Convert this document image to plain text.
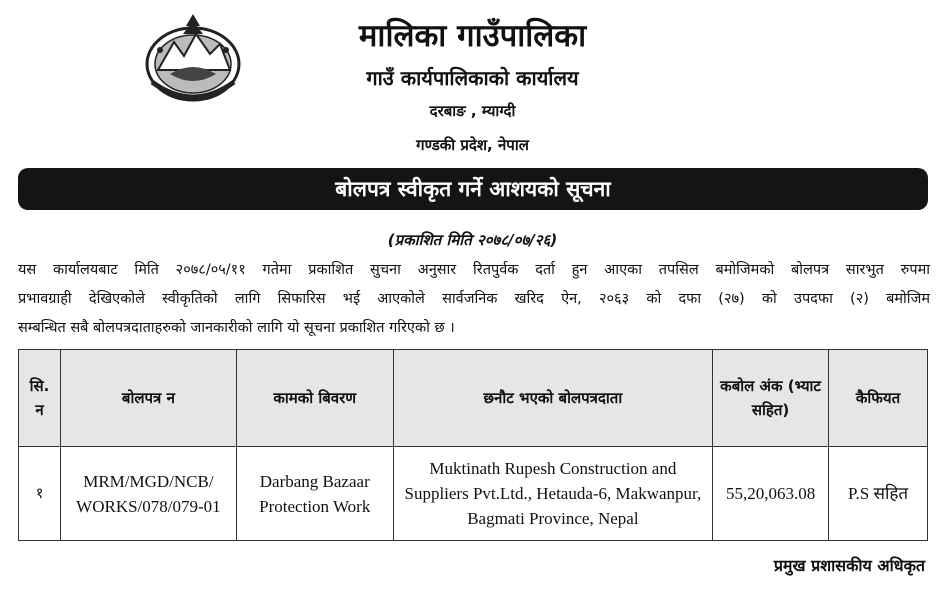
मालिका गाउँपालिका
गाउँ कार्यपालिकाको कार्यालय
दरबाङ , म्याग्दी
गण्डकी प्रदेश, नेपाल
बोलपत्र स्वीकृत गर्ने आशयको सूचना
(प्रकाशित मिति २०७८/०७/२६)
यस कार्यालयबाट मिति २०७८/०५/११ गतेमा प्रकाशित सुचना अनुसार रितपुर्वक दर्ता हुन आएका तपसिल बमोजिमको बोलपत्र सारभुत रुपमा
प्रभावग्राही देखिएकोले स्वीकृतिको लागि सिफारिस भई आएकोले सार्वजनिक खरिद ऐन, २०६३ को दफा (२७) को उपदफा (२) बमोजिम
सम्बन्धित सबै बोलपत्रदाताहरुको जानकारीको लागि यो सूचना प्रकाशित गरिएको छ ।
सि. न	बोलपत्र न	कामको बिवरण	छनौट भएको बोलपत्रदाता	कबोल अंक (भ्याट सहित)	कैफियत
१	MRM/MGD/NCB/ WORKS/078/079-01	Darbang Bazaar Protection Work	Muktinath Rupesh Construction and Suppliers Pvt.Ltd., Hetauda-6, Makwanpur, Bagmati Province, Nepal	55,20,063.08	P.S सहित
प्रमुख प्रशासकीय अधिकृत
